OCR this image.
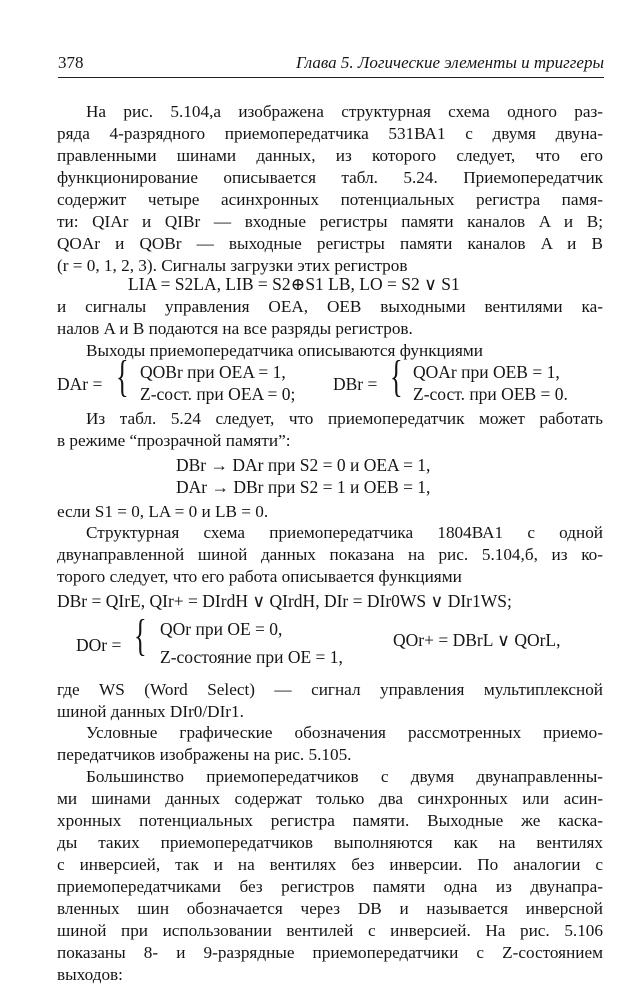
378	Глава 5. Логические элементы и триггеры
На рис. 5.104,а изображена структурная схема одного раз-
ряда 4-разрядного приемопередатчика 531ВА1 с двумя двуна-
правленными шинами данных, из которого следует, что его
функционирование описывается табл. 5.24. Приемопередатчик
содержит четыре асинхронных потенциальных регистра памя-
ти: QIAr и QIBr — входные регистры памяти каналов A и B;
QOAr и QOBr — выходные регистры памяти каналов A и B
(r = 0, 1, 2, 3). Сигналы загрузки этих регистров
LIA = S2LA, LIB = S2⊕S1 LB, LO = S2 ∨ S1
и сигналы управления OEA, OEB выходными вентилями ка-
налов A и B подаются на все разряды регистров.
Выходы приемопередатчика описываются функциями
DAr = { QOBr при OEA = 1,
Z-сост. при OEA = 0; DBr = { QOAr при OEB = 1,
Z-сост. при OEB = 0.
Из табл. 5.24 следует, что приемопередатчик может работать
в режиме “прозрачной памяти”:
DBr → DAr при S2 = 0 и OEA = 1,
DAr → DBr при S2 = 1 и OEB = 1,
если S1 = 0, LA = 0 и LB = 0.
Структурная схема приемопередатчика 1804ВА1 с одной
двунаправленной шиной данных показана на рис. 5.104,б, из ко-
торого следует, что его работа описывается функциями
DBr = QIrE, QIr+ = DIrdH ∨ QIrdH, DIr = DIr0WS ∨ DIr1WS;
DOr = { QOr при OE = 0,
Z-состояние при OE = 1,
QOr+ = DBrL ∨ QOrL,
где WS (Word Select) — сигнал управления мультиплексной
шиной данных DIr0/DIr1.
Условные графические обозначения рассмотренных приемо-
передатчиков изображены на рис. 5.105.
Большинство приемопередатчиков с двумя двунаправленны-
ми шинами данных содержат только два синхронных или асин-
хронных потенциальных регистра памяти. Выходные же каска-
ды таких приемопередатчиков выполняются как на вентилях
с инверсией, так и на вентилях без инверсии. По аналогии с
приемопередатчиками без регистров памяти одна из двунапра-
вленных шин обозначается через DB и называется инверсной
шиной при использовании вентилей с инверсией. На рис. 5.106
показаны 8- и 9-разрядные приемопередатчики с Z-состоянием
выходов:
